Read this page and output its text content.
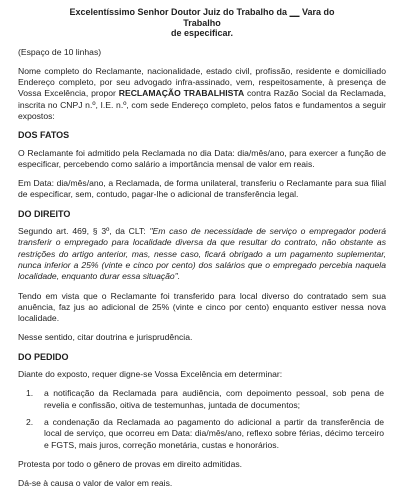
Excelentíssimo Senhor Doutor Juiz do Trabalho da __ Vara do Trabalho
de especificar.

(Espaço de 10 linhas)

Nome completo do Reclamante, nacionalidade, estado civil, profissão, residente e domiciliado Endereço completo, por seu advogado infra-assinado, vem, respeitosamente, à presença de Vossa Excelência, propor RECLAMAÇÃO TRABALHISTA contra Razão Social da Reclamada, inscrita no CNPJ n.º, I.E. n.º, com sede Endereço completo, pelos fatos e fundamentos a seguir expostos:

DOS FATOS

O Reclamante foi admitido pela Reclamada no dia Data: dia/mês/ano, para exercer a função de especificar, percebendo como salário a importância mensal de valor em reais.

Em Data: dia/mês/ano, a Reclamada, de forma unilateral, transferiu o Reclamante para sua filial de especificar, sem, contudo, pagar-lhe o adicional de transferência legal.

DO DIREITO

Segundo art. 469, § 3º, da CLT: "Em caso de necessidade de serviço o empregador poderá transferir o empregado para localidade diversa da que resultar do contrato, não obstante as restrições do artigo anterior, mas, nesse caso, ficará obrigado a um pagamento suplementar, nunca inferior a 25% (vinte e cinco por cento) dos salários que o empregado percebia naquela localidade, enquanto durar essa situação".

Tendo em vista que o Reclamante foi transferido para local diverso do contratado sem sua anuência, faz jus ao adicional de 25% (vinte e cinco por cento) enquanto estiver nessa nova localidade.

Nesse sentido, citar doutrina e jurisprudência.

DO PEDIDO

Diante do exposto, requer digne-se Vossa Excelência em determinar:

1.	a notificação da Reclamada para audiência, com depoimento pessoal, sob pena de revelia e confissão, oitiva de testemunhas, juntada de documentos;
2.	a condenação da Reclamada ao pagamento do adicional a partir da transferência de local de serviço, que ocorreu em Data: dia/mês/ano, reflexo sobre férias, décimo terceiro e FGTS, mais juros, correção monetária, custas e honorários.

Protesta por todo o gênero de provas em direito admitidas.

Dá-se à causa o valor de valor em reais.
